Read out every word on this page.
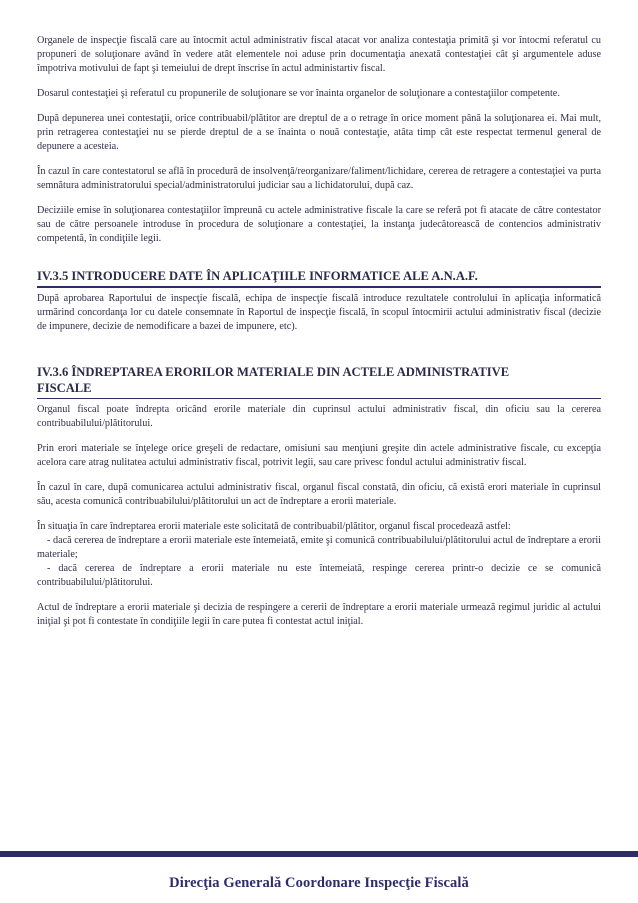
Organele de inspecţie fiscală care au întocmit actul administrativ fiscal atacat vor analiza contestaţia primită şi vor întocmi referatul cu propuneri de soluţionare având în vedere atât elementele noi aduse prin documentaţia anexată contestaţiei cât şi argumentele aduse împotriva motivului de fapt şi temeiului de drept înscrise în actul administartiv fiscal.

Dosarul contestaţiei şi referatul cu propunerile de soluţionare se vor înainta organelor de soluţionare a contestaţiilor competente.

După depunerea unei contestaţii, orice contribuabil/plătitor are dreptul de a o retrage în orice moment până la soluţionarea ei. Mai mult, prin retragerea contestaţiei nu se pierde dreptul de a se înainta o nouă contestaţie, atâta timp cât este respectat termenul general de depunere a acesteia.

În cazul în care contestatorul se află în procedură de insolvenţă/reorganizare/faliment/lichidare, cererea de retragere a contestaţiei va purta semnătura administratorului special/administratorului judiciar sau a lichidatorului, după caz.

Deciziile emise în soluţionarea contestaţiilor împreună cu actele administrative fiscale la care se referă pot fi atacate de către contestator sau de către persoanele introduse în procedura de soluţionare a contestaţiei, la instanţa judecătorească de contencios administrativ competentă, în condiţiile legii.

IV.3.5 INTRODUCERE DATE ÎN APLICAŢIILE INFORMATICE ALE A.N.A.F.

După aprobarea Raportului de inspecţie fiscală, echipa de inspecţie fiscală introduce rezultatele controlului în aplicaţia informatică urmărind concordanţa lor cu datele consemnate în Raportul de inspecţie fiscală, în scopul întocmirii actului administrativ fiscal (decizie de impunere, decizie de nemodificare a bazei de impunere, etc).

IV.3.6 ÎNDREPTAREA ERORILOR MATERIALE DIN ACTELE ADMINISTRATIVE
FISCALE

Organul fiscal poate îndrepta oricând erorile materiale din cuprinsul actului administrativ fiscal, din oficiu sau la cererea contribuabilului/plătitorului.

Prin erori materiale se înţelege orice greşeli de redactare, omisiuni sau menţiuni greşite din actele administrative fiscale, cu excepţia acelora care atrag nulitatea actului administrativ fiscal, potrivit legii, sau care privesc fondul actului administrativ fiscal.

În cazul în care, după comunicarea actului administrativ fiscal, organul fiscal constată, din oficiu, că există erori materiale în cuprinsul său, acesta comunică contribuabilului/plătitorului un act de îndreptare a erorii materiale.

În situaţia în care îndreptarea erorii materiale este solicitată de contribuabil/plătitor, organul fiscal procedează astfel:
- dacă cererea de îndreptare a erorii materiale este întemeiată, emite şi comunică contribuabilului/plătitorului actul de îndreptare a erorii materiale;
- dacă cererea de îndreptare a erorii materiale nu este întemeiată, respinge cererea printr-o decizie ce se comunică contribuabilului/plătitorului.

Actul de îndreptare a erorii materiale şi decizia de respingere a cererii de îndreptare a erorii materiale urmează regimul juridic al actului iniţial şi pot fi contestate în condiţiile legii în care putea fi contestat actul iniţial.

Direcţia Generală Coordonare Inspecţie Fiscală
